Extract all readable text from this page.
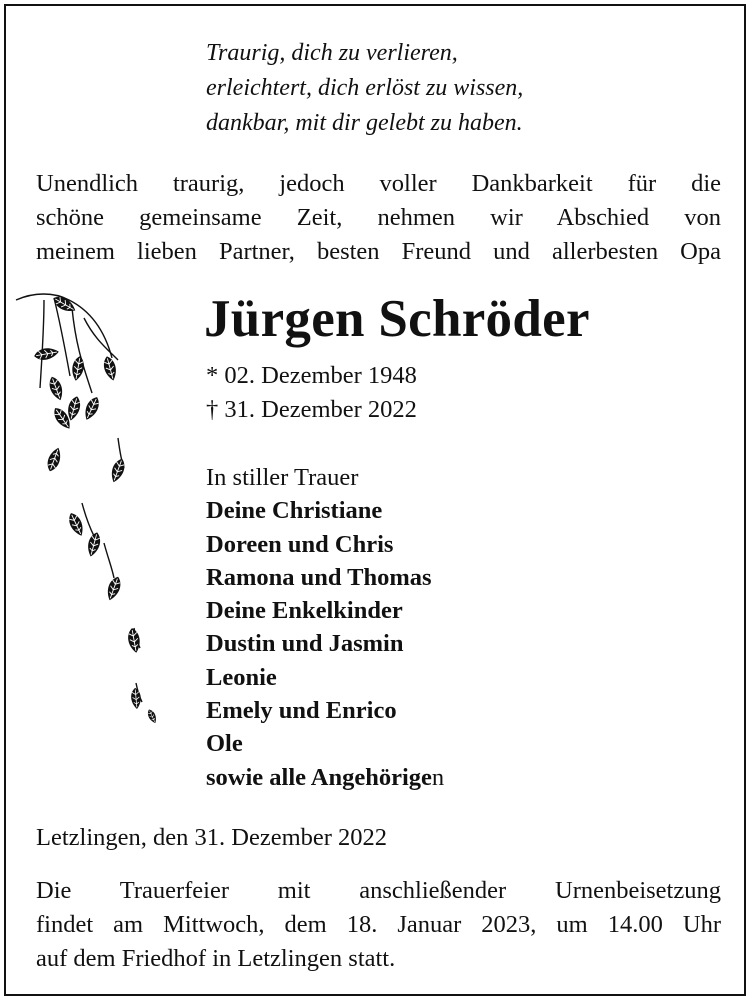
Traurig, dich zu verlieren,
erleichtert, dich erlöst zu wissen,
dankbar, mit dir gelebt zu haben.
Unendlich traurig, jedoch voller Dankbarkeit für die
schöne gemeinsame Zeit, nehmen wir Abschied von
meinem lieben Partner, besten Freund und allerbesten Opa
Jürgen Schröder
* 02. Dezember 1948
† 31. Dezember 2022
In stiller Trauer
Deine Christiane
Doreen und Chris
Ramona und Thomas
Deine Enkelkinder
Dustin und Jasmin
Leonie
Emely und Enrico
Ole
sowie alle Angehörigen
Letzlingen, den 31. Dezember 2022
Die Trauerfeier mit anschließender Urnenbeisetzung
findet am Mittwoch, dem 18. Januar 2023, um 14.00 Uhr
auf dem Friedhof in Letzlingen statt.
